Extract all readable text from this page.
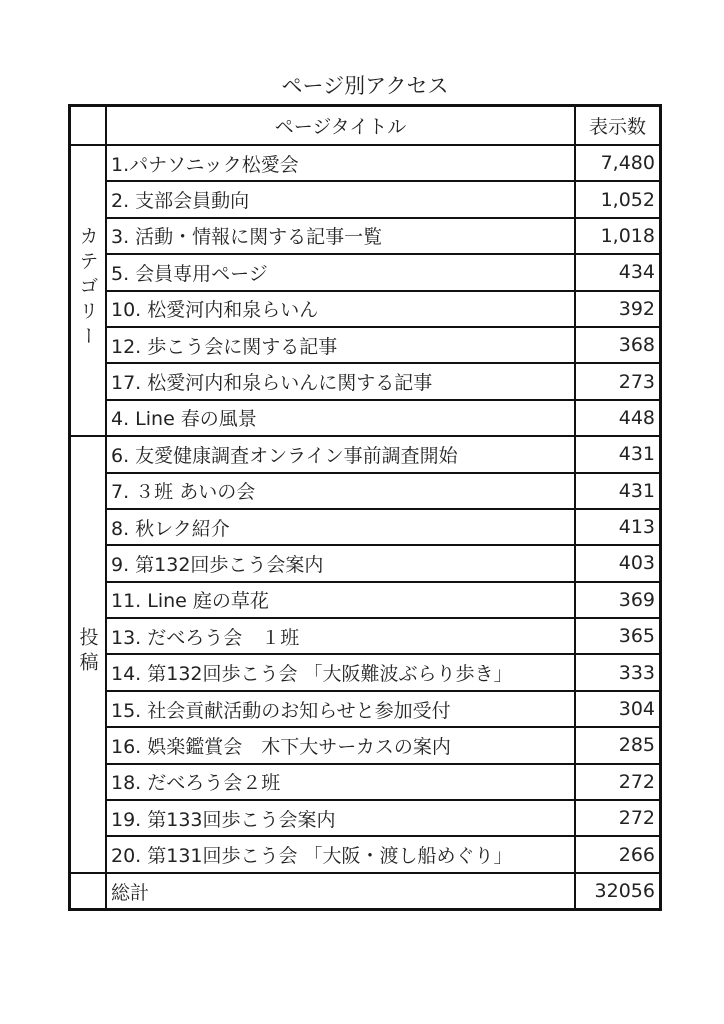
ページ別アクセス
	ページタイトル	表示数
カテゴリー	1.パナソニック松愛会	7,480
	2. 支部会員動向	1,052
	3. 活動・情報に関する記事一覧	1,018
	5. 会員専用ページ	434
	10. 松愛河内和泉らいん	392
	12. 歩こう会に関する記事	368
	17. 松愛河内和泉らいんに関する記事	273
	4. Line 春の風景	448
投稿	6. 友愛健康調査オンライン事前調査開始	431
	7. ３班 あいの会	431
	8. 秋レク紹介	413
	9. 第132回歩こう会案内	403
	11. Line 庭の草花	369
	13. だべろう会　１班	365
	14. 第132回歩こう会 「大阪難波ぶらり歩き」	333
	15. 社会貢献活動のお知らせと参加受付	304
	16. 娯楽鑑賞会　木下大サーカスの案内	285
	18. だべろう会２班	272
	19. 第133回歩こう会案内	272
	20. 第131回歩こう会 「大阪・渡し船めぐり」	266
	総計	32056
